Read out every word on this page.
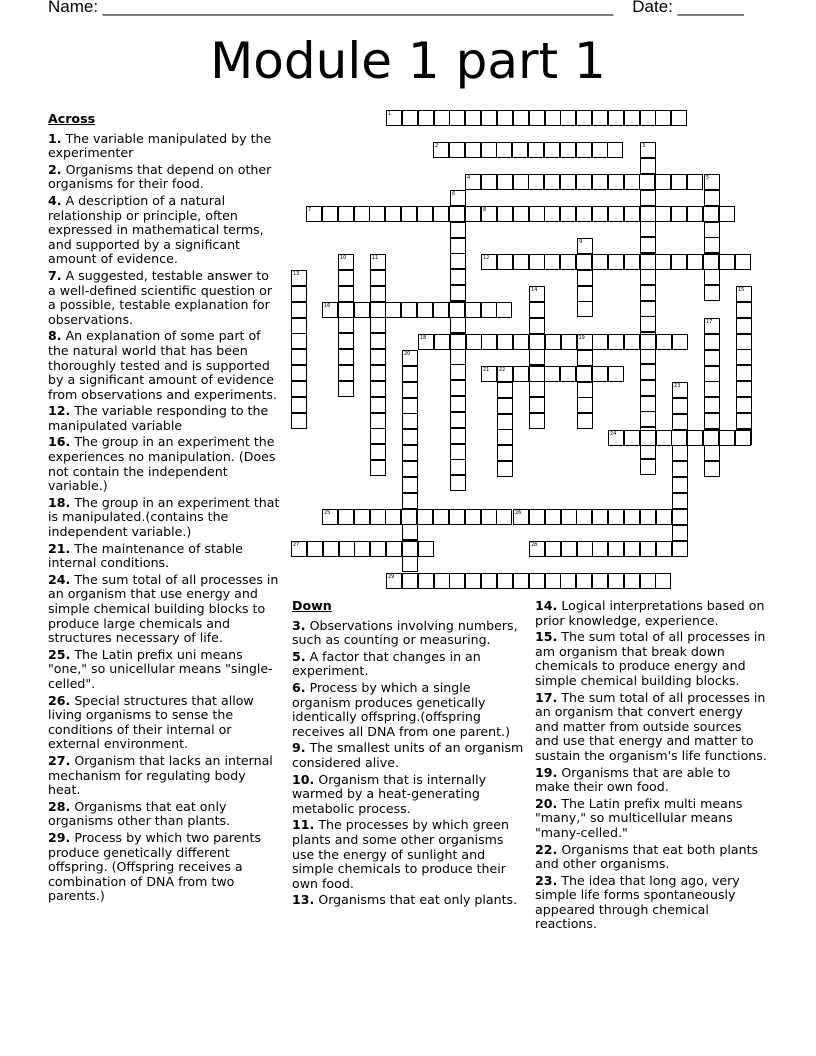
Name: ______________________________________________________ Date: _______
Module 1 part 1
Across
1. The variable manipulated by the experimenter
2. Organisms that depend on other organisms for their food.
4. A description of a natural relationship or principle, often expressed in mathematical terms, and supported by a significant amount of evidence.
7. A suggested, testable answer to a well-defined scientific question or a possible, testable explanation for observations.
8. An explanation of some part of the natural world that has been thoroughly tested and is supported by a significant amount of evidence from observations and experiments.
12. The variable responding to the manipulated variable
16. The group in an experiment the experiences no manipulation. (Does not contain the independent variable.)
18. The group in an experiment that is manipulated.(contains the independent variable.)
21. The maintenance of stable internal conditions.
24. The sum total of all processes in an organism that use energy and simple chemical building blocks to produce large chemicals and structures necessary of life.
25. The Latin prefix uni means "one," so unicellular means "single-celled".
26. Special structures that allow living organisms to sense the conditions of their internal or external environment.
27. Organism that lacks an internal mechanism for regulating body heat.
28. Organisms that eat only organisms other than plants.
29. Process by which two parents produce genetically different offspring. (Offspring receives a combination of DNA from two parents.)
Down
3. Observations involving numbers, such as counting or measuring.
5. A factor that changes in an experiment.
6. Process by which a single organism produces genetically identically offspring.(offspring receives all DNA from one parent.)
9. The smallest units of an organism considered alive.
10. Organism that is internally warmed by a heat-generating metabolic process.
11. The processes by which green plants and some other organisms use the energy of sunlight and simple chemicals to produce their own food.
13. Organisms that eat only plants.
14. Logical interpretations based on prior knowledge, experience.
15. The sum total of all processes in am organism that break down chemicals to produce energy and simple chemical building blocks.
17. The sum total of all processes in an organism that convert energy and matter from outside sources and use that energy and matter to sustain the organism's life functions.
19. Organisms that are able to make their own food.
20. The Latin prefix multi means "many," so multicellular means "many-celled."
22. Organisms that eat both plants and other organisms.
23. The idea that long ago, very simple life forms spontaneously appeared through chemical reactions.
1
2	3
4	5
6
7	8
9
10	11	12
13
14	15
16
17
18	19
20
21 22
23
24
25	26
27	28
29
